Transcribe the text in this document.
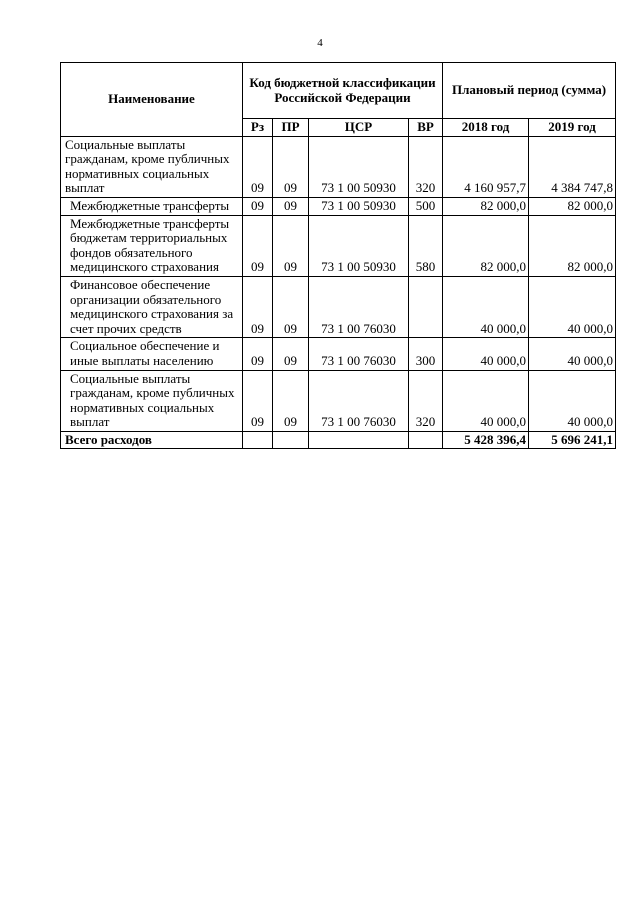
4
Наименование	Код бюджетной классификации Российской Федерации				Плановый период (сумма)	
	Рз	ПР	ЦСР	ВР	2018 год	2019 год
Социальные выплаты гражданам, кроме публичных нормативных социальных выплат	09	09	73 1 00 50930	320	4 160 957,7	4 384 747,8
Межбюджетные трансферты	09	09	73 1 00 50930	500	82 000,0	82 000,0
Межбюджетные трансферты бюджетам территориальных фондов обязательного медицинского страхования	09	09	73 1 00 50930	580	82 000,0	82 000,0
Финансовое обеспечение организации обязательного медицинского страхования за счет прочих средств	09	09	73 1 00 76030		40 000,0	40 000,0
Социальное обеспечение и иные выплаты населению	09	09	73 1 00 76030	300	40 000,0	40 000,0
Социальные выплаты гражданам, кроме публичных нормативных социальных выплат	09	09	73 1 00 76030	320	40 000,0	40 000,0
Всего расходов					5 428 396,4	5 696 241,1
